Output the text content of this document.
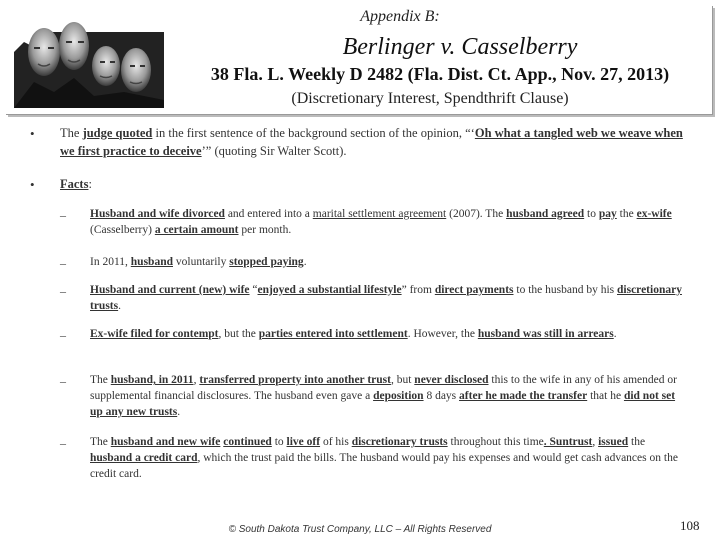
Appendix B:
Berlinger v. Casselberry
38 Fla. L. Weekly D 2482 (Fla. Dist. Ct. App., Nov. 27, 2013)
(Discretionary Interest, Spendthrift Clause)
• The judge quoted in the first sentence of the background section of the opinion, “‘Oh what a tangled web we weave when we first practice to deceive’” (quoting Sir Walter Scott).
• Facts:
– Husband and wife divorced and entered into a marital settlement agreement (2007). The husband agreed to pay the ex-wife (Casselberry) a certain amount per month.
– In 2011, husband voluntarily stopped paying.
– Husband and current (new) wife “enjoyed a substantial lifestyle” from direct payments to the husband by his discretionary trusts.
– Ex-wife filed for contempt, but the parties entered into settlement. However, the husband was still in arrears.
– The husband, in 2011, transferred property into another trust, but never disclosed this to the wife in any of his amended or supplemental financial disclosures. The husband even gave a deposition 8 days after he made the transfer that he did not set up any new trusts.
– The husband and new wife continued to live off of his discretionary trusts throughout this time. Suntrust, issued the husband a credit card, which the trust paid the bills. The husband would pay his expenses and would get cash advances on the credit card.
© South Dakota Trust Company, LLC – All Rights Reserved	108
